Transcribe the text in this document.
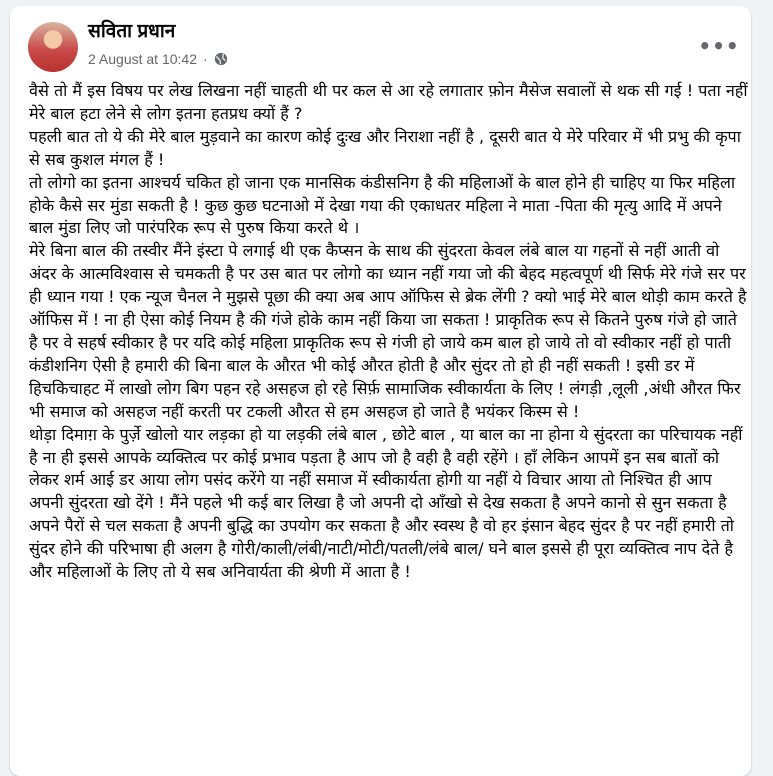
सविता प्रधान
2 August at 10:42 ·
•••

वैसे तो मैं इस विषय पर लेख लिखना नहीं चाहती थी पर कल से आ रहे लगातार फ़ोन मैसेज सवालों से थक सी गई ! पता नहीं मेरे बाल हटा लेने से लोग इतना हतप्रध क्यों हैं ?

पहली बात तो ये की मेरे बाल मुड़वाने का कारण कोई दुःख और निराशा नहीं है , दूसरी बात ये मेरे परिवार में भी प्रभु की कृपा से सब कुशल मंगल हैं !

तो लोगो का इतना आश्चर्य चकित हो जाना एक मानसिक कंडीसनिग है की महिलाओं के बाल होने ही चाहिए या फिर महिला होके कैसे सर मुंडा सकती है ! कुछ कुछ घटनाओ में देखा गया की एकाधतर महिला ने माता -पिता की मृत्यु आदि में अपने बाल मुंडा लिए जो पारंपरिक रूप से पुरुष किया करते थे ।

मेरे बिना बाल की तस्वीर मैंने इंस्टा पे लगाई थी एक कैप्सन के साथ की सुंदरता केवल लंबे बाल या गहनों से नहीं आती वो अंदर के आत्मविश्वास से चमकती है पर उस बात पर लोगो का ध्यान नहीं गया जो की बेहद महत्वपूर्ण थी सिर्फ मेरे गंजे सर पर ही ध्यान गया ! एक न्यूज चैनल ने मुझसे पूछा की क्या अब आप ऑफिस से ब्रेक लेंगी ? क्यो भाई मेरे बाल थोड़ी काम करते है ऑफिस में ! ना ही ऐसा कोई नियम है की गंजे होके काम नहीं किया जा सकता ! प्राकृतिक रूप से कितने पुरुष गंजे हो जाते है पर वे सहर्ष स्वीकार है पर यदि कोई महिला प्राकृतिक रूप से गंजी हो जाये कम बाल हो जाये तो वो स्वीकार नहीं हो पाती कंडीशनिग ऐसी है हमारी की बिना बाल के औरत भी कोई औरत होती है और सुंदर तो हो ही नहीं सकती ! इसी डर में हिचकिचाहट में लाखो लोग बिग पहन रहे असहज हो रहे सिर्फ़ सामाजिक स्वीकार्यता के लिए ! लंगड़ी ,लूली ,अंधी औरत फिर भी समाज को असहज नहीं करती पर टकली औरत से हम असहज हो जाते है भयंकर किस्म से !

थोड़ा दिमाग़ के पुर्ज़े खोलो यार लड़का हो या लड़की लंबे बाल , छोटे बाल , या बाल का ना होना ये सुंदरता का परिचायक नहीं है ना ही इससे आपके व्यक्तित्व पर कोई प्रभाव पड़ता है आप जो है वही है वही रहेंगे । हाँ लेकिन आपमें इन सब बातों को लेकर शर्म आई डर आया लोग पसंद करेंगे या नहीं समाज में स्वीकार्यता होगी या नहीं ये विचार आया तो निश्चित ही आप अपनी सुंदरता खो देंगे ! मैंने पहले भी कई बार लिखा है जो अपनी दो आँखो से देख सकता है अपने कानो से सुन सकता है अपने पैरों से चल सकता है अपनी बुद्धि का उपयोग कर सकता है और स्वस्थ है वो हर इंसान बेहद सुंदर है पर नहीं हमारी तो सुंदर होने की परिभाषा ही अलग है गोरी/काली/लंबी/नाटी/मोटी/पतली/लंबे बाल/ घने बाल इससे ही पूरा व्यक्तित्व नाप देते है और महिलाओं के लिए तो ये सब अनिवार्यता की श्रेणी में आता है !
